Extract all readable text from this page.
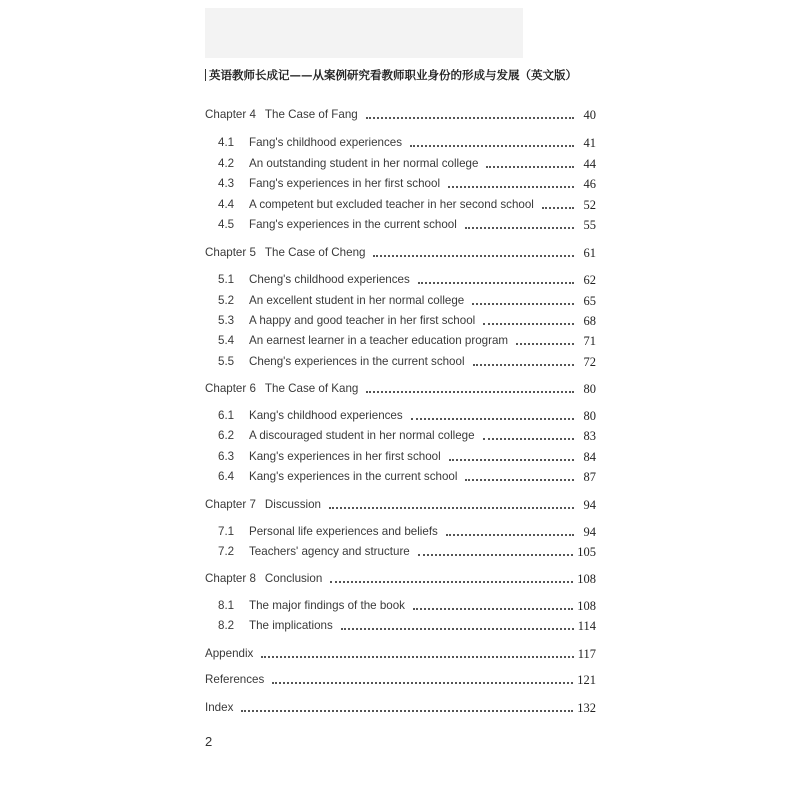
英语教师长成记——从案例研究看教师职业身份的形成与发展（英文版）
Chapter 4 The Case of Fang	40
4.1	Fang's childhood experiences	41
4.2	An outstanding student in her normal college	44
4.3	Fang's experiences in her first school	46
4.4	A competent but excluded teacher in her second school	52
4.5	Fang's experiences in the current school	55
Chapter 5 The Case of Cheng	61
5.1	Cheng's childhood experiences	62
5.2	An excellent student in her normal college	65
5.3	A happy and good teacher in her first school	68
5.4	An earnest learner in a teacher education program	71
5.5	Cheng's experiences in the current school	72
Chapter 6 The Case of Kang	80
6.1	Kang's childhood experiences	80
6.2	A discouraged student in her normal college	83
6.3	Kang's experiences in her first school	84
6.4	Kang's experiences in the current school	87
Chapter 7 Discussion	94
7.1	Personal life experiences and beliefs	94
7.2	Teachers' agency and structure	105
Chapter 8 Conclusion	108
8.1	The major findings of the book	108
8.2	The implications	114
Appendix	117
References	121
Index	132
2
